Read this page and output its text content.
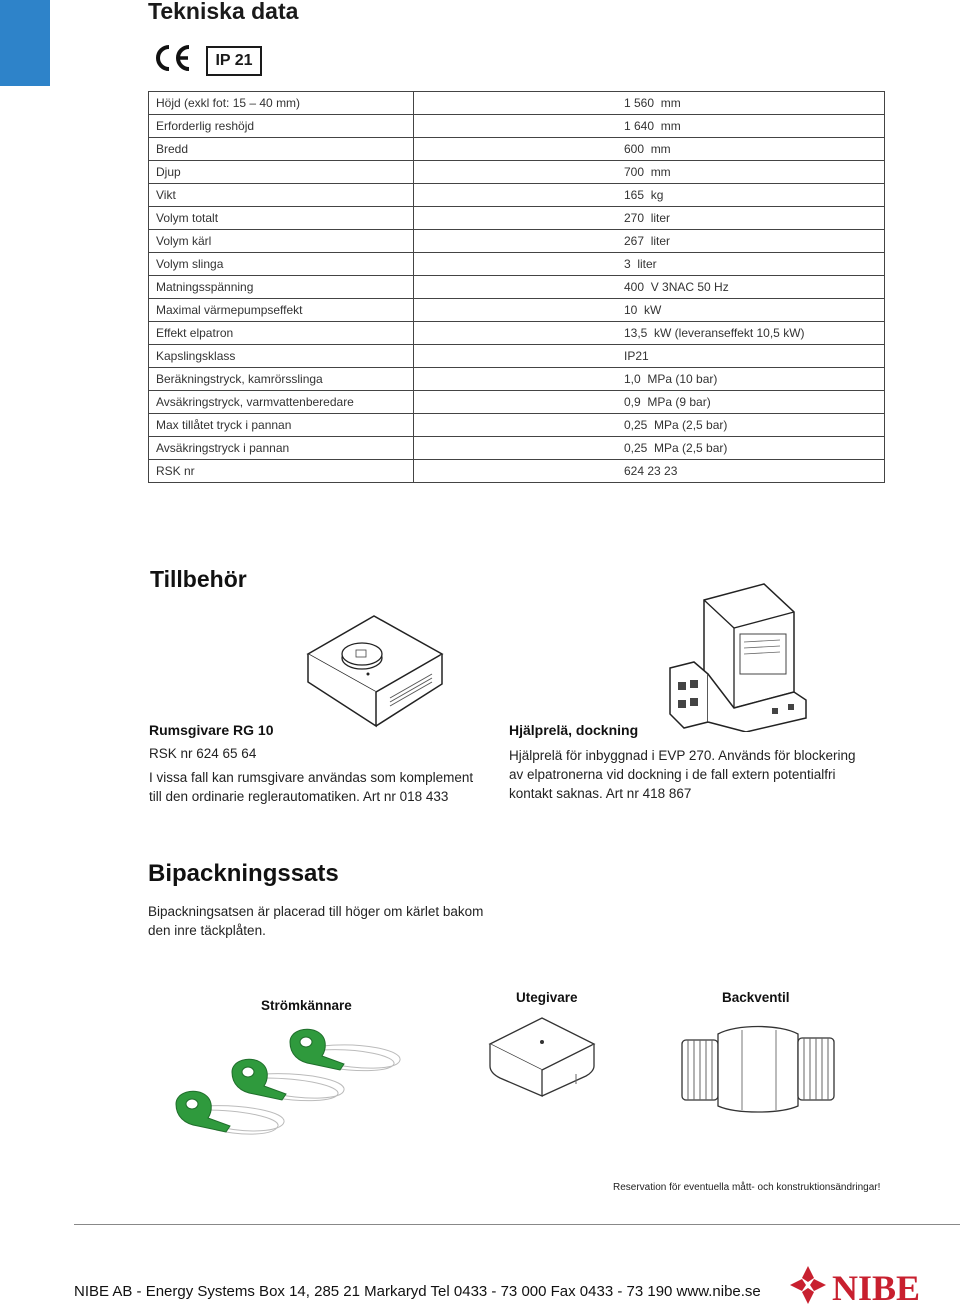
Tekniska data
IP 21
Höjd (exkl fot: 15 – 40 mm)	1 560  mm
Erforderlig reshöjd	1 640  mm
Bredd	600  mm
Djup	700  mm
Vikt	165  kg
Volym totalt	270  liter
Volym kärl	267  liter
Volym slinga	3  liter
Matningsspänning	400  V 3NAC 50 Hz
Maximal värmepumpseffekt	10  kW
Effekt elpatron	13,5  kW (leveranseffekt 10,5 kW)
Kapslingsklass	IP21
Beräkningstryck, kamrörsslinga	1,0  MPa (10 bar)
Avsäkringstryck, varmvattenberedare	0,9  MPa (9 bar)
Max tillåtet tryck i pannan	0,25  MPa (2,5 bar)
Avsäkringstryck i pannan	0,25  MPa (2,5 bar)
RSK nr	624 23 23
Tillbehör
Rumsgivare RG 10

RSK nr 624 65 64

I vissa fall kan rumsgivare användas som komplement till den ordinarie reglerautomatiken. Art nr 018 433

Hjälprelä, dockning

Hjälprelä för inbyggnad i EVP 270. Används för blockering av elpatronerna vid dockning i de fall extern potentialfri kontakt saknas. Art nr 418 867

Bipackningssats

Bipackningsatsen är placerad till höger om kärlet bakom den inre täckplåten.

Strömkännare
Utegivare	Backventil
Reservation för eventuella mått- och konstruktionsändringar!
NIBE AB - Energy Systems Box 14, 285 21 Markaryd Tel 0433 - 73 000 Fax 0433 - 73 190 www.nibe.se NIBE
